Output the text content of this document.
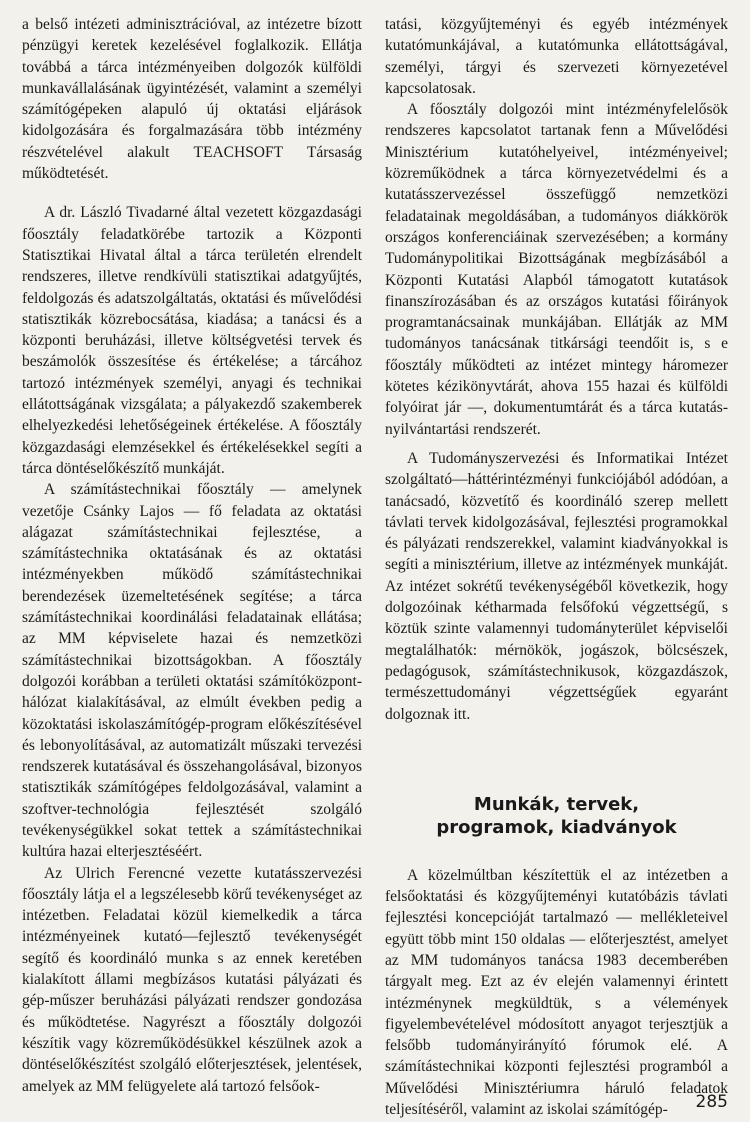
a belső intézeti adminisztrációval, az intézetre bízott pénzügyi keretek kezelésével foglalkozik. Ellátja továbbá a tárca intézményeiben dolgozók külföldi munkavállalásának ügyintézését, valamint a személyi számítógépeken alapuló új oktatási eljárások kidolgozására és forgalmazására több intézmény részvételével alakult TEACHSOFT Társaság működtetését.

A dr. László Tivadarné által vezetett közgazdasági főosztály feladatkörébe tartozik a Központi Statisztikai Hivatal által a tárca területén elrendelt rendszeres, illetve rendkívüli statisztikai adatgyűjtés, feldolgozás és adatszolgáltatás, oktatási és művelődési statisztikák közrebocsátása, kiadása; a tanácsi és a központi beruházási, illetve költségvetési tervek és beszámolók összesítése és értékelése; a tárcához tartozó intézmények személyi, anyagi és technikai ellátottságának vizsgálata; a pályakezdő szakemberek elhelyezkedési lehetőségeinek értékelése. A főosztály közgazdasági elemzésekkel és értékelésekkel segíti a tárca döntéselőkészítő munkáját.

A számítástechnikai főosztály — amelynek vezetője Csánky Lajos — fő feladata az oktatási alágazat számítástechnikai fejlesztése, a számítástechnika oktatásának és az oktatási intézményekben működő számítástechnikai berendezések üzemeltetésének segítése; a tárca számítástechnikai koordinálási feladatainak ellátása; az MM képviselete hazai és nemzetközi számítástechnikai bizottságokban. A főosztály dolgozói korábban a területi oktatási számítóközpont-hálózat kialakításával, az elmúlt években pedig a közoktatási iskolaszámítógép-program előkészítésével és lebonyolításával, az automatizált műszaki tervezési rendszerek kutatásával és összehangolásával, bizonyos statisztikák számítógépes feldolgozásával, valamint a szoftver-technológia fejlesztését szolgáló tevékenységükkel sokat tettek a számítástechnikai kultúra hazai elterjesztéséért.

Az Ulrich Ferencné vezette kutatásszervezési főosztály látja el a legszélesebb körű tevékenységet az intézetben. Feladatai közül kiemelkedik a tárca intézményeinek kutató—fejlesztő tevékenységét segítő és koordináló munka s az ennek keretében kialakított állami megbízásos kutatási pályázati és gép-műszer beruházási pályázati rendszer gondozása és működtetése. Nagyrészt a főosztály dolgozói készítik vagy közreműködésükkel készülnek azok a döntéselőkészítést szolgáló előterjesztések, jelentések, amelyek az MM felügyelete alá tartozó felsőok-

tatási, közgyűjteményi és egyéb intézmények kutatómunkájával, a kutatómunka ellátottságával, személyi, tárgyi és szervezeti környezetével kapcsolatosak.

A főosztály dolgozói mint intézményfelelősök rendszeres kapcsolatot tartanak fenn a Művelődési Minisztérium kutatóhelyeivel, intézményeivel; közreműködnek a tárca környezetvédelmi és a kutatásszervezéssel összefüggő nemzetközi feladatainak megoldásában, a tudományos diákkörök országos konferenciáinak szervezésében; a kormány Tudománypolitikai Bizottságának megbízásából a Központi Kutatási Alapból támogatott kutatások finanszírozásában és az országos kutatási főirányok programtanácsainak munkájában. Ellátják az MM tudományos tanácsának titkársági teendőit is, s e főosztály működteti az intézet mintegy háromezer kötetes kézikönyvtárát, ahova 155 hazai és külföldi folyóirat jár —, dokumentumtárát és a tárca kutatás-nyilvántartási rendszerét.

A Tudományszervezési és Informatikai Intézet szolgáltató—háttérintézményi funkciójából adódóan, a tanácsadó, közvetítő és koordináló szerep mellett távlati tervek kidolgozásával, fejlesztési programokkal és pályázati rendszerekkel, valamint kiadványokkal is segíti a minisztérium, illetve az intézmények munkáját. Az intézet sokrétű tevékenységéből következik, hogy dolgozóinak kétharmada felsőfokú végzettségű, s köztük szinte valamennyi tudományterület képviselői megtalálhatók: mérnökök, jogászok, bölcsészek, pedagógusok, számítástechnikusok, közgazdászok, természettudományi végzettségűek egyaránt dolgoznak itt.

Munkák, tervek,
programok, kiadványok

A közelmúltban készítettük el az intézetben a felsőoktatási és közgyűjteményi kutatóbázis távlati fejlesztési koncepcióját tartalmazó — mellékleteivel együtt több mint 150 oldalas — előterjesztést, amelyet az MM tudományos tanácsa 1983 decemberében tárgyalt meg. Ezt az év elején valamennyi érintett intézménynek megküldtük, s a vélemények figyelembevételével módosított anyagot terjesztjük a felsőbb tudományirányító fórumok elé. A számítástechnikai központi fejlesztési programból a Művelődési Minisztériumra háruló feladatok teljesítéséről, valamint az iskolai számítógép-	285
